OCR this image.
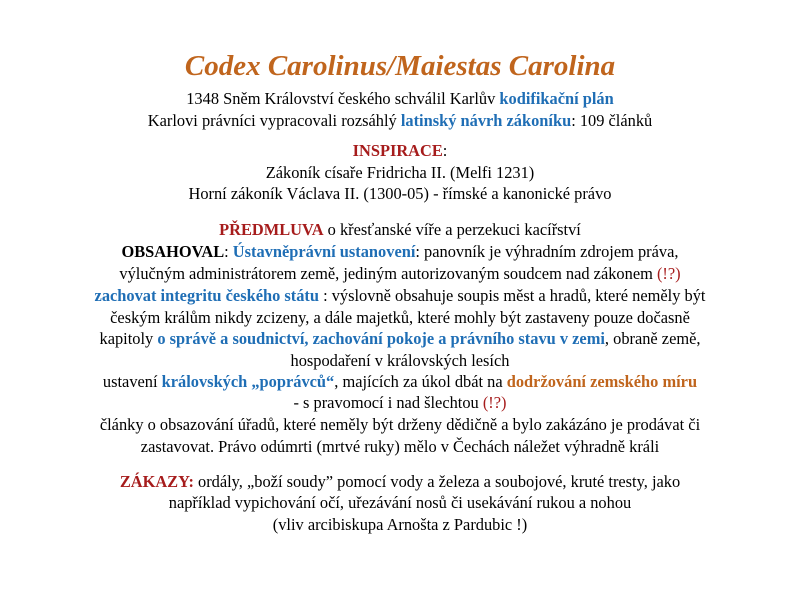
Codex Carolinus/Maiestas Carolina
1348 Sněm Království českého schválil Karlův kodifikační plán
Karlovi právníci vypracovali rozsáhlý latinský návrh zákoníku: 109 článků
INSPIRACE:
Zákoník císaře Fridricha II. (Melfi 1231)
Horní zákoník Václava II. (1300-05) - římské a kanonické právo
PŘEDMLUVA o křesťanské víře a perzekuci kacířství
OBSAHOVAL: Ústavněprávní ustanovení: panovník je výhradním zdrojem práva,
výlučným administrátorem země, jediným autorizovaným soudcem nad zákonem (!?)
zachovat integritu českého státu : výslovně obsahuje soupis měst a hradů, které neměly být
českým králům nikdy zcizeny, a dále majetků, které mohly být zastaveny pouze dočasně
kapitoly o správě a soudnictví, zachování pokoje a právního stavu v zemi, obraně země,
hospodaření v královských lesích
ustavení královských „poprávců“, majících za úkol dbát na dodržování zemského míru
- s pravomocí i nad šlechtou (!?)
články o obsazování úřadů, které neměly být drženy dědičně a bylo zakázáno je prodávat či
zastavovat. Právo odúmrti (mrtvé ruky) mělo v Čechách náležet výhradně králi
ZÁKAZY: ordály, „boží soudy” pomocí vody a železa a soubojové, kruté tresty, jako
například vypichování očí, uřezávání nosů či usekávání rukou a nohou
(vliv arcibiskupa Arnošta z Pardubic !)
